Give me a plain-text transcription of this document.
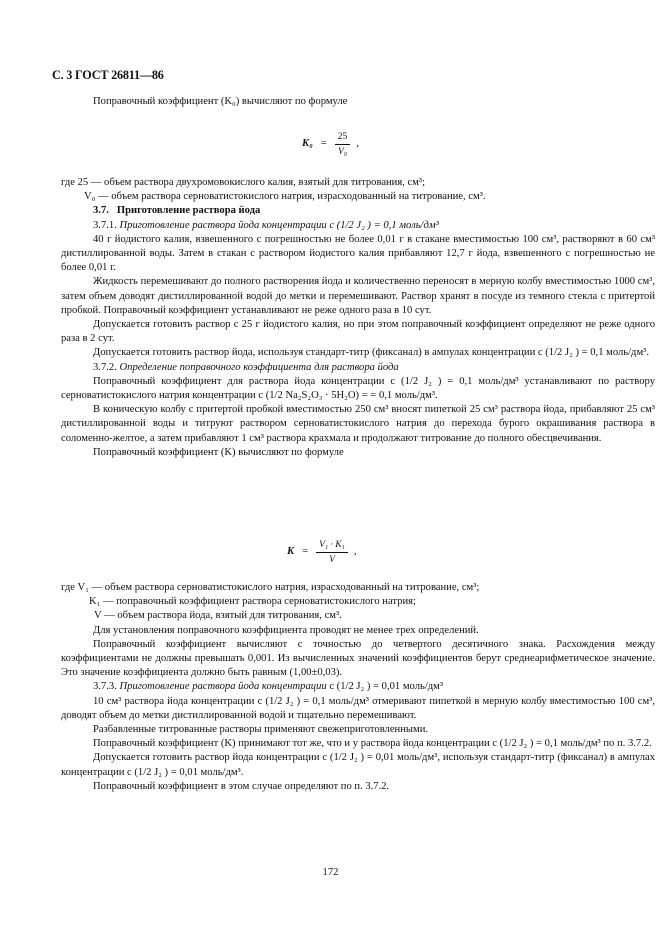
С. 3 ГОСТ 26811—86

Поправочный коэффициент (K₀) вычисляют по формуле

$K_0 = \frac{25}{\text{V₀}}$ ,

где 25 — объем раствора двухромовокислого калия, взятый для титрования, см³;

V₀ — объем раствора серноватистокислого натрия, израсходованный на титрование, см³.

3.7. Приготовление раствора йода

3.7.1. Приготовление раствора йода концентрации c (1/2 J₂ ) = 0,1 моль/дм³

40 г йодистого калия, взвешенного с погрешностью не более 0,01 г в стакане вместимостью 100 см³, растворяют в 60 см³ дистиллированной воды. Затем в стакан с раствором йодистого калия прибавляют 12,7 г йода, взвешенного с погрешностью не более 0,01 г.

Жидкость перемешивают до полного растворения йода и количественно переносят в мерную колбу вместимостью 1000 см³, затем объем доводят дистиллированной водой до метки и перемешивают. Раствор хранят в посуде из темного стекла с притертой пробкой. Поправочный коэффициент устанавливают не реже одного раза в 10 сут.

Допускается готовить раствор с 25 г йодистого калия, но при этом поправочный коэффициент определяют не реже одного раза в 2 сут.

Допускается готовить раствор йода, используя стандарт-титр (фиксанал) в ампулах концентрации c (1/2 J₂ ) = 0,1 моль/дм³.

3.7.2. Определение поправочного коэффициента для раствора йода

Поправочный коэффициент для раствора йода концентрации c (1/2 J₂ ) = 0,1 моль/дм³ устанавливают по раствору серноватистокислого натрия концентрации c (1/2 Na₂S₂O₃ · 5H₂O) = = 0,1 моль/дм³.

В коническую колбу с притертой пробкой вместимостью 250 см³ вносят пипеткой 25 см³ раствора йода, прибавляют 25 см³ дистиллированной воды и титруют раствором серноватистокислого натрия до перехода бурого окрашивания раствора в соломенно-желтое, а затем прибавляют 1 см³ раствора крахмала и продолжают титрование до полного обесцвечивания.

Поправочный коэффициент (K) вычисляют по формуле

$K = \frac{\text{V₁ · K₁}}{V}$ ,

где V₁ — объем раствора серноватистокислого натрия, израсходованный на титрование, см³;

K₁ — поправочный коэффициент раствора серноватистокислого натрия;

V — объем раствора йода, взятый для титрования, см³.

Для установления поправочного коэффициента проводят не менее трех определений.

Поправочный коэффициент вычисляют с точностью до четвертого десятичного знака. Расхождения между коэффициентами не должны превышать 0,001. Из вычисленных значений коэффициентов берут среднеарифметическое значение. Это значение коэффициента должно быть равным (1,00±0,03).

3.7.3. Приготовление раствора йода концентрации c (1/2 J₂ ) = 0,01 моль/дм³

10 см³ раствора йода концентрации c (1/2 J₂ ) = 0,1 моль/дм³ отмеривают пипеткой в мерную колбу вместимостью 100 см³, доводят объем до метки дистиллированной водой и тщательно перемешивают.

Разбавленные титрованные растворы применяют свежеприготовленными.

Поправочный коэффициент (K) принимают тот же, что и у раствора йода концентрации c (1/2 J₂ ) = 0,1 моль/дм³ по п. 3.7.2.

Допускается готовить раствор йода концентрации c (1/2 J₂ ) = 0,01 моль/дм³, используя стандарт-титр (фиксанал) в ампулах концентрации c (1/2 J₂ ) = 0,01 моль/дм³.

Поправочный коэффициент в этом случае определяют по п. 3.7.2.

172
